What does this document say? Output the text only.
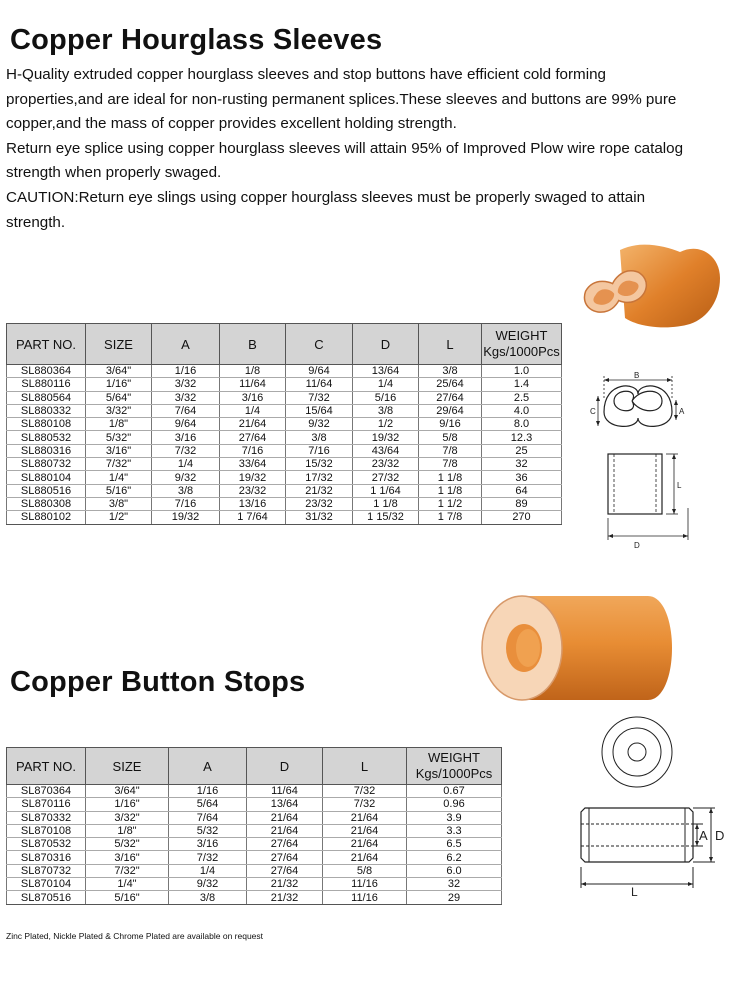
Copper Hourglass Sleeves

H-Quality extruded copper hourglass sleeves and stop buttons have efficient cold forming properties,and are ideal for non-rusting permanent splices.These sleeves and buttons are 99% pure copper,and the mass of copper provides excellent holding strength.

Return eye splice using copper hourglass sleeves will attain 95% of Improved Plow wire rope catalog strength when properly swaged.

CAUTION:Return eye slings using copper hourglass sleeves must be properly swaged to attain strength.

B
C	A
L
D
PART NO.	SIZE	A	B	C	D	L	WEIGHT
Kgs/1000Pcs

SL880364	3/64"	1/16	1/8	9/64	13/64	3/8	1.0
SL880116	1/16"	3/32	11/64	11/64	1/4	25/64	1.4
SL880564	5/64"	3/32	3/16	7/32	5/16	27/64	2.5
SL880332	3/32"	7/64	1/4	15/64	3/8	29/64	4.0
SL880108	1/8"	9/64	21/64	9/32	1/2	9/16	8.0
SL880532	5/32"	3/16	27/64	3/8	19/32	5/8	12.3
SL880316	3/16"	7/32	7/16	7/16	43/64	7/8	25
SL880732	7/32"	1/4	33/64	15/32	23/32	7/8	32
SL880104	1/4"	9/32	19/32	17/32	27/32	1 1/8	36
SL880516	5/16"	3/8	23/32	21/32	1 1/64	1 1/8	64
SL880308	3/8"	7/16	13/16	23/32	1 1/8	1 1/2	89
SL880102	1/2"	19/32	1 7/64	31/32	1 15/32	1 7/8	270
Copper Button Stops
A D
L
PART NO.	SIZE	A	D	L	WEIGHT
Kgs/1000Pcs

SL870364	3/64"	1/16	11/64	7/32	0.67
SL870116	1/16"	5/64	13/64	7/32	0.96
SL870332	3/32"	7/64	21/64	21/64	3.9
SL870108	1/8"	5/32	21/64	21/64	3.3
SL870532	5/32"	3/16	27/64	21/64	6.5
SL870316	3/16"	7/32	27/64	21/64	6.2
SL870732	7/32"	1/4	27/64	5/8	6.0
SL870104	1/4"	9/32	21/32	11/16	32
SL870516	5/16"	3/8	21/32	11/16	29

Zinc Plated, Nickle Plated & Chrome Plated are available on request
